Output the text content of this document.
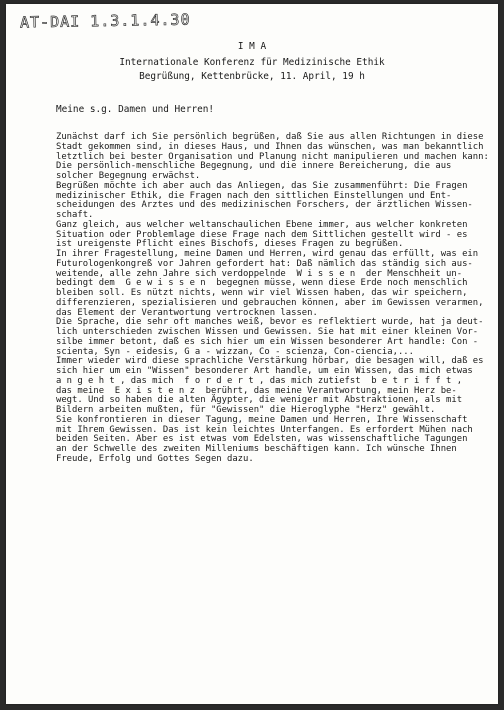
AT-DAI 1.3.1.4.30
I M A
Internationale Konferenz für Medizinische Ethik
Begrüßung, Kettenbrücke, 11. April, 19 h
Meine s.g. Damen und Herren!
Zunächst darf ich Sie persönlich begrüßen, daß Sie aus allen Richtungen in diese
Stadt gekommen sind, in dieses Haus, und Ihnen das wünschen, was man bekanntlich
letztlich bei bester Organisation und Planung nicht manipulieren und machen kann:
Die persönlich-menschliche Begegnung, und die innere Bereicherung, die aus
solcher Begegnung erwächst.
Begrüßen möchte ich aber auch das Anliegen, das Sie zusammenführt: Die Fragen
medizinischer Ethik, die Fragen nach den sittlichen Einstellungen und Ent-
scheidungen des Arztes und des medizinischen Forschers, der ärztlichen Wissen-
schaft.
Ganz gleich, aus welcher weltanschaulichen Ebene immer, aus welcher konkreten
Situation oder Problemlage diese Frage nach dem Sittlichen gestellt wird - es
ist ureigenste Pflicht eines Bischofs, dieses Fragen zu begrüßen.
In ihrer Fragestellung, meine Damen und Herren, wird genau das erfüllt, was ein
Futurologenkongreß vor Jahren gefordert hat: Daß nämlich das ständig sich aus-
weitende, alle zehn Jahre sich verdoppelnde  W i s s e n  der Menschheit un-
bedingt dem  G e w i s s e n  begegnen müsse, wenn diese Erde noch menschlich
bleiben soll. Es nützt nichts, wenn wir viel Wissen haben, das wir speichern,
differenzieren, spezialisieren und gebrauchen können, aber im Gewissen verarmen,
das Element der Verantwortung vertrocknen lassen.
Die Sprache, die sehr oft manches weiß, bevor es reflektiert wurde, hat ja deut-
lich unterschieden zwischen Wissen und Gewissen. Sie hat mit einer kleinen Vor-
silbe immer betont, daß es sich hier um ein Wissen besonderer Art handle: Con -
scienta, Syn - eidesis, G a - wizzan, Co - scienza, Con-ciencia,...
Immer wieder wird diese sprachliche Verstärkung hörbar, die besagen will, daß es
sich hier um ein "Wissen" besonderer Art handle, um ein Wissen, das mich etwas
a n g e h t , das mich  f o r d e r t , das mich zutiefst  b e t r i f f t ,
das meine  E x i s t e n z  berührt, das meine Verantwortung, mein Herz be-
wegt. Und so haben die alten Ägypter, die weniger mit Abstraktionen, als mit
Bildern arbeiten mußten, für "Gewissen" die Hieroglyphe "Herz" gewählt.
Sie konfrontieren in dieser Tagung, meine Damen und Herren, Ihre Wissenschaft
mit Ihrem Gewissen. Das ist kein leichtes Unterfangen. Es erfordert Mühen nach
beiden Seiten. Aber es ist etwas vom Edelsten, was wissenschaftliche Tagungen
an der Schwelle des zweiten Milleniums beschäftigen kann. Ich wünsche Ihnen
Freude, Erfolg und Gottes Segen dazu.
